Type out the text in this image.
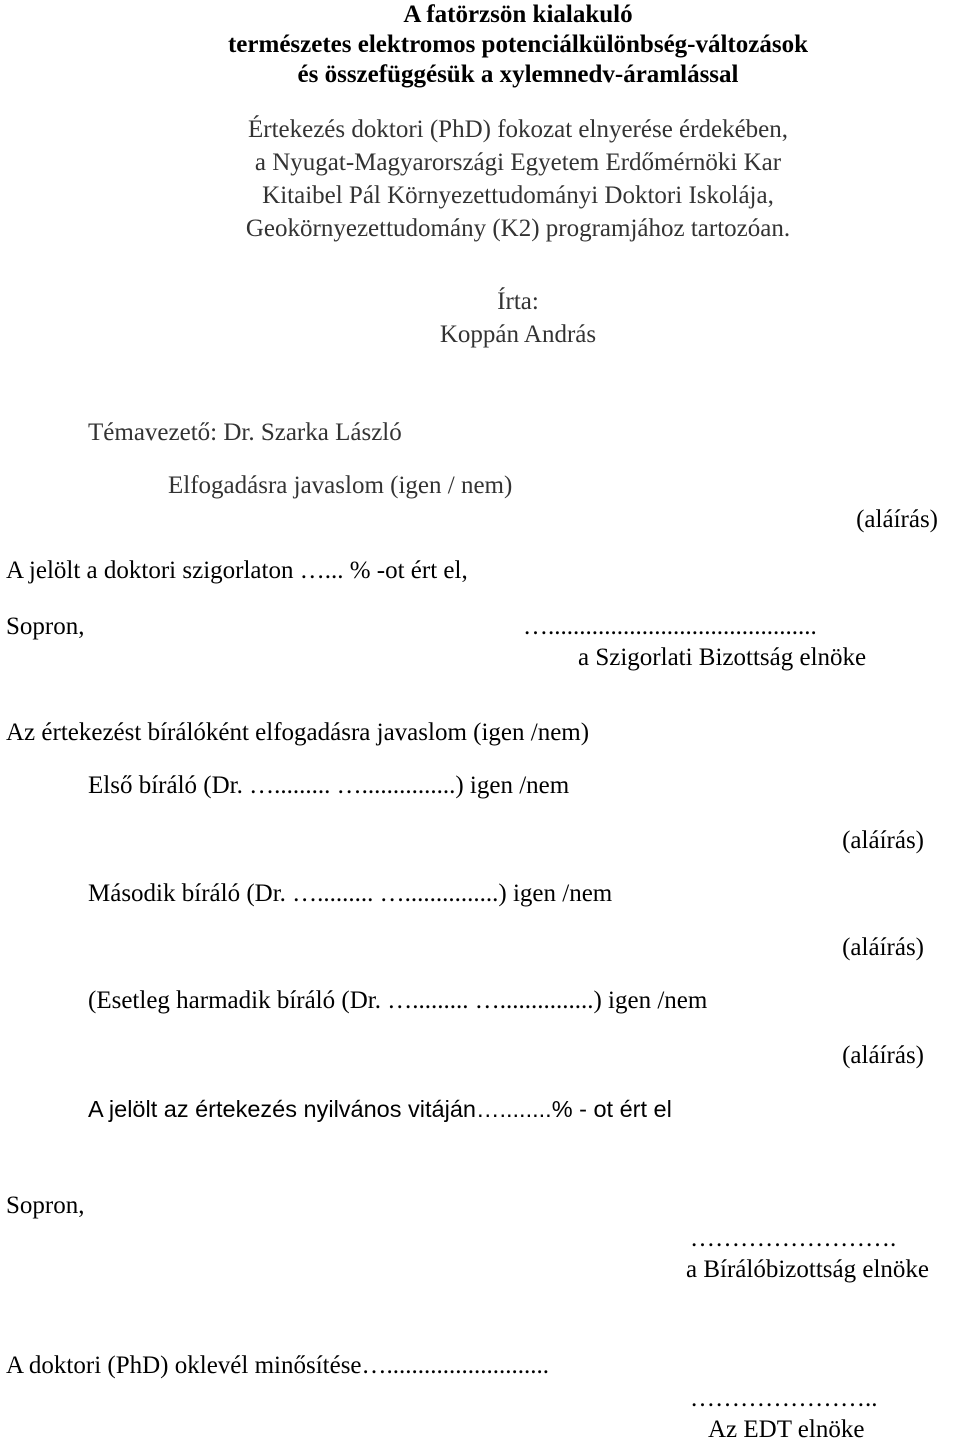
A fatörzsön kialakuló
természetes elektromos potenciálkülönbség-változások
és összefüggésük a xylemnedv-áramlással
Értekezés doktori (PhD) fokozat elnyerése érdekében,
a Nyugat-Magyarországi Egyetem Erdőmérnöki Kar
Kitaibel Pál Környezettudományi Doktori Iskolája,
Geokörnyezettudomány (K2) programjához tartozóan.
Írta:
Koppán András
Témavezető: Dr. Szarka László
Elfogadásra javaslom (igen / nem)
(aláírás)
A jelölt a doktori szigorlaton …... % -ot ért el,
Sopron,	…...........................................
a Szigorlati Bizottság elnöke
Az értekezést bírálóként elfogadásra javaslom (igen /nem)
Első bíráló (Dr. …......... …...............) igen /nem
(aláírás)
Második bíráló (Dr. …......... …...............) igen /nem
(aláírás)
(Esetleg harmadik bíráló (Dr. …......... …...............) igen /nem
(aláírás)
A jelölt az értekezés nyilvános vitáján…........% - ot ért el
Sopron,
…………………….
a Bírálóbizottság elnöke
A doktori (PhD) oklevél minősítése…..........................
…………………..
Az EDT elnöke
